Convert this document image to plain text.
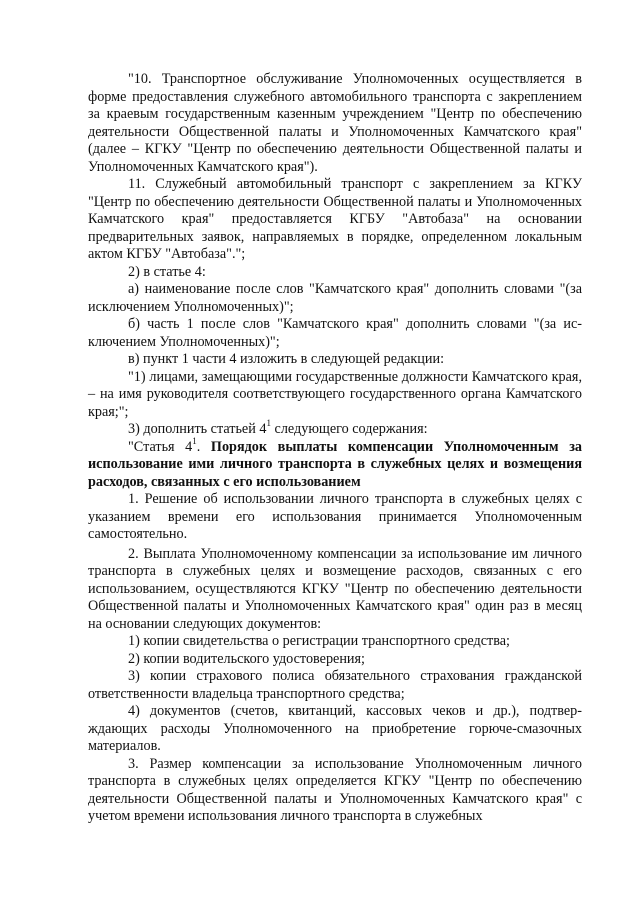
"10. Транспортное обслуживание Уполномоченных осуществляется в форме предоставления служебного автомобильного транспорта с закреплением за краевым государственным казенным учреждением "Центр по обеспечению деятельности Общественной палаты и Уполномоченных Камчатского края" (далее – КГКУ "Центр по обеспечению деятельности Общественной палаты и Уполномоченных Камчатского края").

11. Служебный автомобильный транспорт с закреплением за КГКУ "Центр по обеспечению деятельности Общественной палаты и Уполномоченных Камчатского края" предоставляется КГБУ "Автобаза" на основании предварительных заявок, направляемых в порядке, определенном локальным актом КГБУ "Автобаза".";

2) в статье 4:

а) наименование после слов "Камчатского края" дополнить словами "(за исключением Уполномоченных)";

б) часть 1 после слов "Камчатского края" дополнить словами "(за исключением Уполномоченных)";

в) пункт 1 части 4 изложить в следующей редакции:

"1) лицами, замещающими государственные должности Камчатского края, – на имя руководителя соответствующего государственного органа Камчатского края;";

3) дополнить статьей $4^1$ следующего содержания:

"Статья $4^1$. Порядок выплаты компенсации Уполномоченным за использование ими личного транспорта в служебных целях и возмещения расходов, связанных с его использованием

1. Решение об использовании личного транспорта в служебных целях с указанием времени его использования принимается Уполномоченным самостоятельно.

2. Выплата Уполномоченному компенсации за использование им личного транспорта в служебных целях и возмещение расходов, связанных с его использованием, осуществляются КГКУ "Центр по обеспечению деятельности Общественной палаты и Уполномоченных Камчатского края" один раз в месяц на основании следующих документов:

1) копии свидетельства о регистрации транспортного средства;

2) копии водительского удостоверения;

3) копии страхового полиса обязательного страхования гражданской ответственности владельца транспортного средства;

4) документов (счетов, квитанций, кассовых чеков и др.), подтверждающих расходы Уполномоченного на приобретение горюче-смазочных материалов.

3. Размер компенсации за использование Уполномоченным личного транспорта в служебных целях определяется КГКУ "Центр по обеспечению деятельности Общественной палаты и Уполномоченных Камчатского края" с учетом времени использования личного транспорта в служебных
